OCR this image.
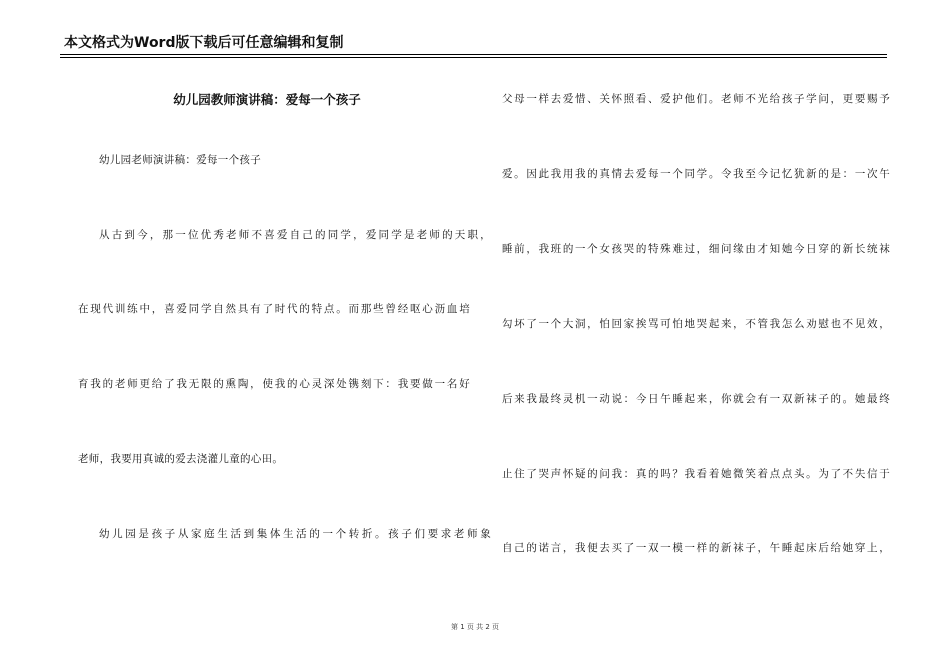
本文格式为Word版下载后可任意编辑和复制
幼儿园教师演讲稿：爱每一个孩子
幼儿园老师演讲稿：爱每一个孩子
从古到今，那一位优秀老师不喜爱自己的同学，爱同学是老师的天职，
在现代训练中，喜爱同学自然具有了时代的特点。而那些曾经呕心沥血培
育我的老师更给了我无限的熏陶，使我的心灵深处镌刻下：我要做一名好
老师，我要用真诚的爱去浇灌儿童的心田。
幼儿园是孩子从家庭生活到集体生活的一个转折。孩子们要求老师象
父母一样去爱惜、关怀照看、爱护他们。老师不光给孩子学问，更要赐予
爱。因此我用我的真情去爱每一个同学。令我至今记忆犹新的是：一次午
睡前，我班的一个女孩哭的特殊难过，细问缘由才知她今日穿的新长统袜
勾坏了一个大洞，怕回家挨骂可怕地哭起来，不管我怎么劝慰也不见效，
后来我最终灵机一动说：今日午睡起来，你就会有一双新袜子的。她最终
止住了哭声怀疑的问我：真的吗？我看着她微笑着点点头。为了不失信于
自己的诺言，我便去买了一双一模一样的新袜子，午睡起床后给她穿上，
第 1 页 共 2 页
